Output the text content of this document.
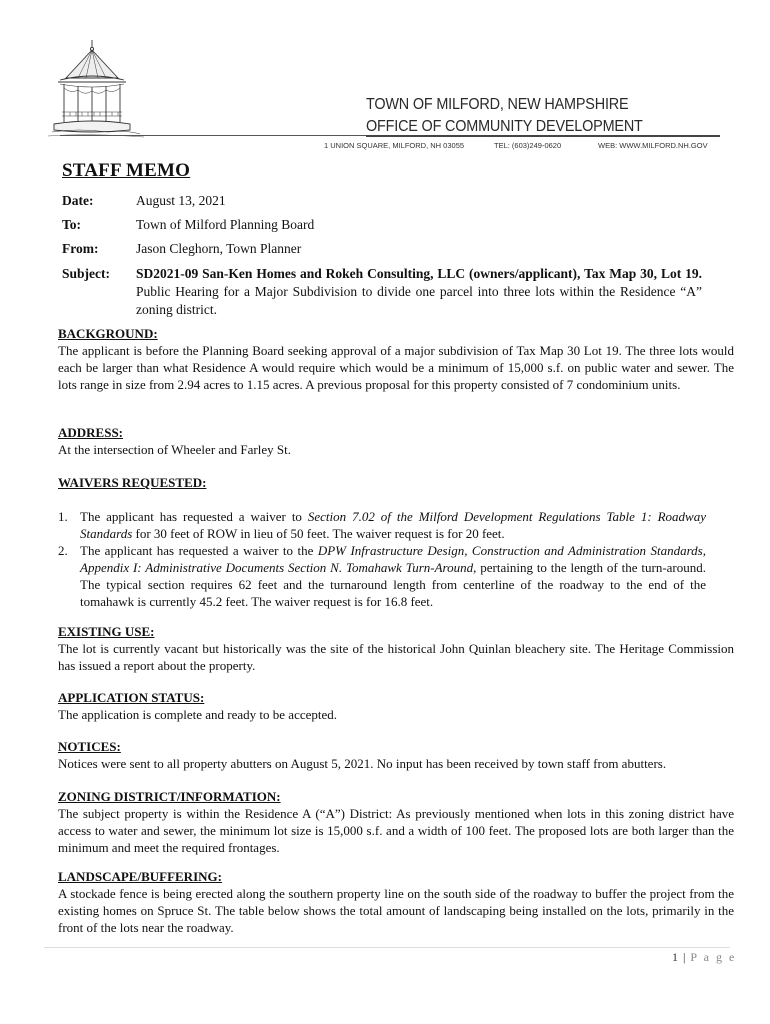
TOWN OF MILFORD, NEW HAMPSHIRE
OFFICE OF COMMUNITY DEVELOPMENT
1 UNION SQUARE, MILFORD, NH 03055	TEL: (603)249-0620	WEB: WWW.MILFORD.NH.GOV
STAFF MEMO
Date:	August 13, 2021
To:	Town of Milford Planning Board
From:	Jason Cleghorn, Town Planner
Subject: SD2021-09 San-Ken Homes and Rokeh Consulting, LLC (owners/applicant), Tax Map 30, Lot 19. Public Hearing for a Major Subdivision to divide one parcel into three lots within the Residence “A” zoning district.
BACKGROUND:
The applicant is before the Planning Board seeking approval of a major subdivision of Tax Map 30 Lot 19. The three lots would each be larger than what Residence A would require which would be a minimum of 15,000 s.f. on public water and sewer. The lots range in size from 2.94 acres to 1.15 acres. A previous proposal for this property consisted of 7 condominium units.
ADDRESS:
At the intersection of Wheeler and Farley St.
WAIVERS REQUESTED:
1. The applicant has requested a waiver to Section 7.02 of the Milford Development Regulations Table 1: Roadway Standards for 30 feet of ROW in lieu of 50 feet. The waiver request is for 20 feet.
2. The applicant has requested a waiver to the DPW Infrastructure Design, Construction and Administration Standards, Appendix I: Administrative Documents Section N. Tomahawk Turn-Around, pertaining to the length of the turn-around. The typical section requires 62 feet and the turnaround length from centerline of the roadway to the end of the tomahawk is currently 45.2 feet. The waiver request is for 16.8 feet.
EXISTING USE:
The lot is currently vacant but historically was the site of the historical John Quinlan bleachery site. The Heritage Commission has issued a report about the property.
APPLICATION STATUS:
The application is complete and ready to be accepted.
NOTICES:
Notices were sent to all property abutters on August 5, 2021. No input has been received by town staff from abutters.
ZONING DISTRICT/INFORMATION:
The subject property is within the Residence A (“A”) District: As previously mentioned when lots in this zoning district have access to water and sewer, the minimum lot size is 15,000 s.f. and a width of 100 feet. The proposed lots are both larger than the minimum and meet the required frontages.
LANDSCAPE/BUFFERING:
A stockade fence is being erected along the southern property line on the south side of the roadway to buffer the project from the existing homes on Spruce St. The table below shows the total amount of landscaping being installed on the lots, primarily in the front of the lots near the roadway.
1 | P a g e
